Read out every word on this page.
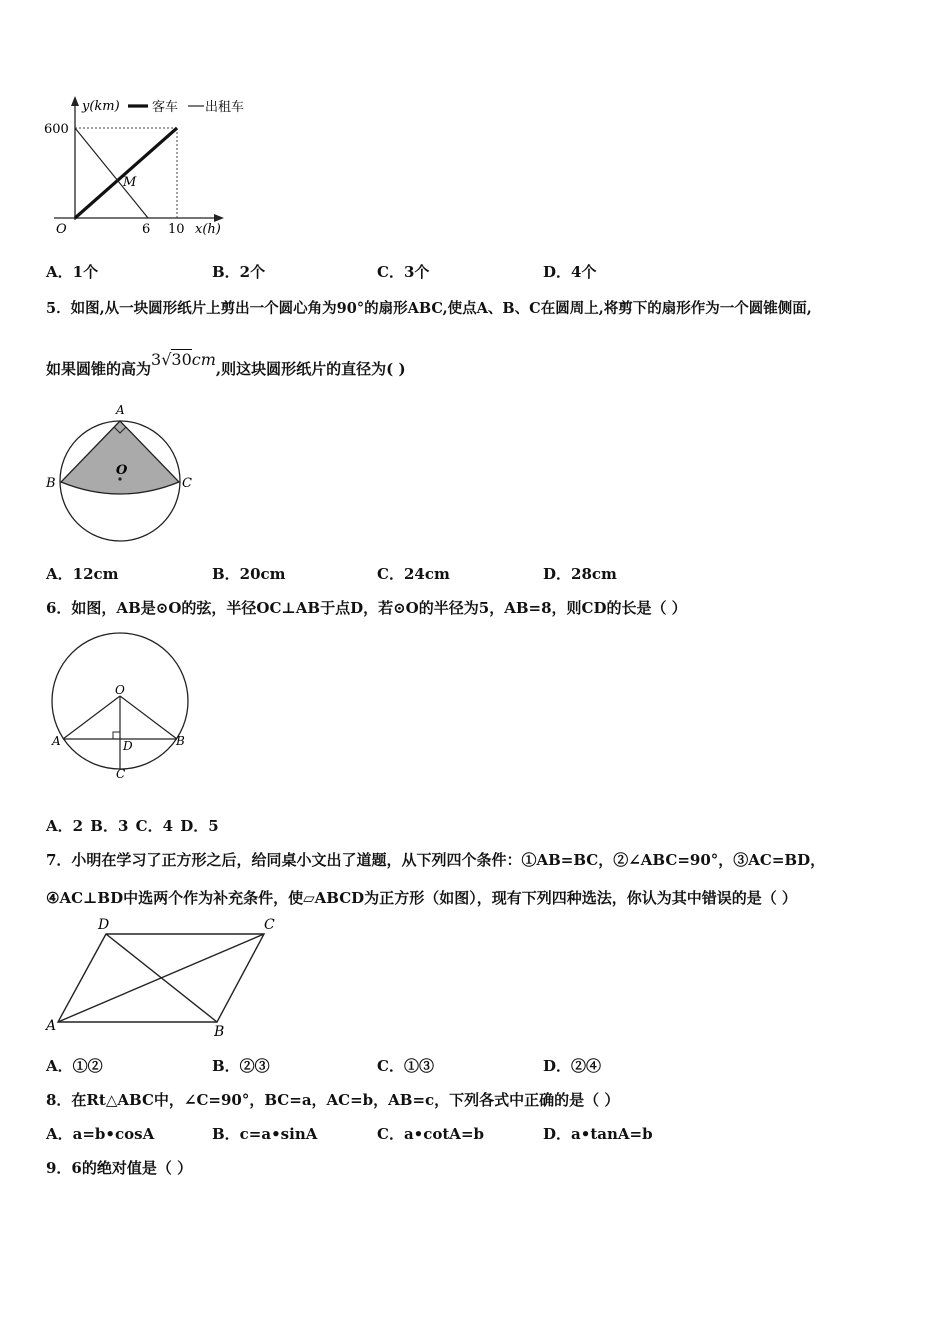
y(km) 客车 出租车
600
O	6 10 x(h)
M
A．1个	B．2个	C．3个	D．4个
5．如图,从一块圆形纸片上剪出一个圆心角为90°的扇形ABC,使点A、B、C在圆周上,将剪下的扇形作为一个圆锥侧面,
如果圆锥的高为3√30cm,则这块圆形纸片的直径为( )
A
B	C
O
A．12cm	B．20cm	C．24cm	D．28cm
6．如图，AB是⊙O的弦，半径OC⊥AB于点D，若⊙O的半径为5，AB=8，则CD的长是（ ）
O
A	B
D
C
A．2 B．3 C．4 D．5
7．小明在学习了正方形之后，给同桌小文出了道题，从下列四个条件：①AB=BC，②∠ABC=90°，③AC=BD，
④AC⊥BD中选两个作为补充条件，使▱ABCD为正方形（如图），现有下列四种选法，你认为其中错误的是（ ）
D	C
A	B
A．①②	B．②③	C．①③	D．②④
8．在Rt△ABC中，∠C=90°，BC=a，AC=b，AB=c，下列各式中正确的是（ ）
A．a=b•cosA	B．c=a•sinA	C．a•cotA=b	D．a•tanA=b
9．6的绝对值是（ ）
